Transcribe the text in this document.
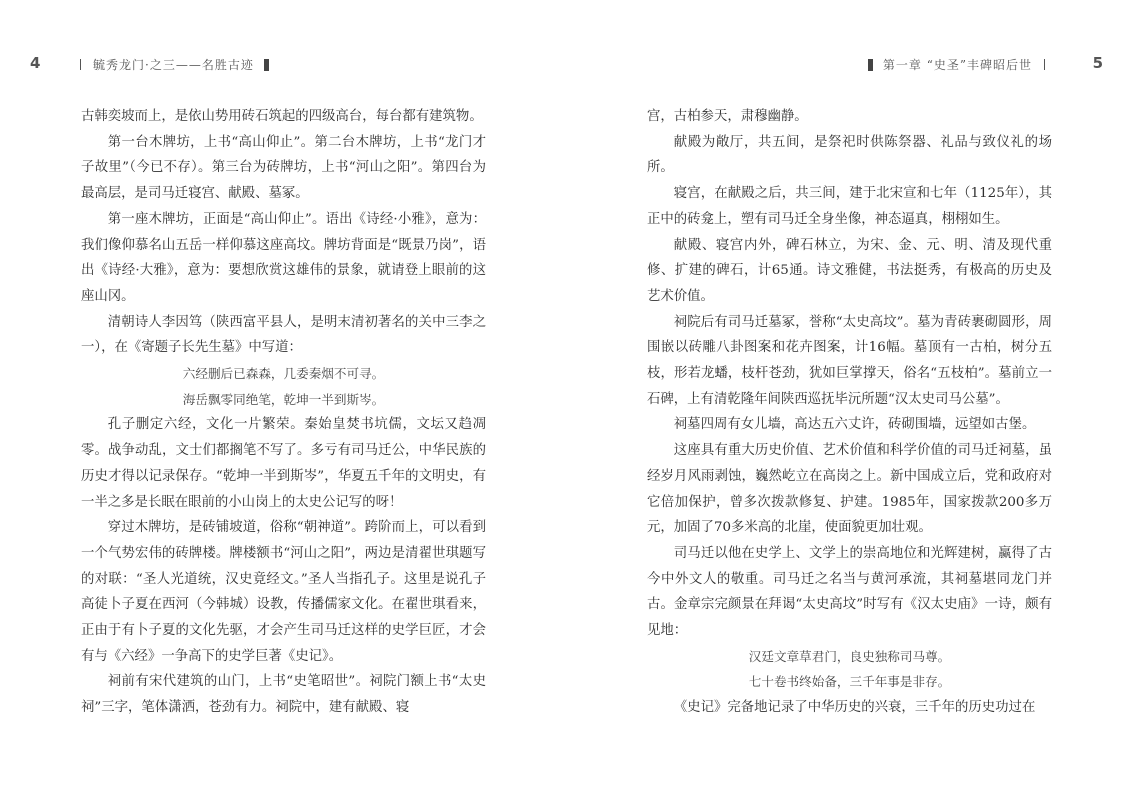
4	毓秀龙门·之三——名胜古迹

古韩奕坡而上，是依山势用砖石筑起的四级高台，每台都有建筑物。

第一台木牌坊，上书“高山仰止”。第二台木牌坊，上书“龙门才子故里”（今已不存）。第三台为砖牌坊，上书“河山之阳”。第四台为最高层，是司马迁寝宫、献殿、墓冢。

第一座木牌坊，正面是“高山仰止”。语出《诗经·小雅》，意为：我们像仰慕名山五岳一样仰慕这座高坟。牌坊背面是“既景乃岗”，语出《诗经·大雅》，意为：要想欣赏这雄伟的景象，就请登上眼前的这座山冈。

清朝诗人李因笃（陕西富平县人，是明末清初著名的关中三李之一），在《寄题子长先生墓》中写道：

六经删后已森森，几委秦烟不可寻。

海岳飘零同绝笔，乾坤一半到斯岑。

孔子删定六经，文化一片繁荣。秦始皇焚书坑儒，文坛又趋凋零。战争动乱，文士们都搁笔不写了。多亏有司马迁公，中华民族的历史才得以记录保存。“乾坤一半到斯岑”，华夏五千年的文明史，有一半之多是长眠在眼前的小山岗上的太史公记写的呀！

穿过木牌坊，是砖铺坡道，俗称“朝神道”。跨阶而上，可以看到一个气势宏伟的砖牌楼。牌楼额书“河山之阳”，两边是清翟世琪题写的对联：“圣人光道统，汉史竟经文。”圣人当指孔子。这里是说孔子高徒卜子夏在西河（今韩城）设教，传播儒家文化。在翟世琪看来，正由于有卜子夏的文化先驱，才会产生司马迁这样的史学巨匠，才会有与《六经》一争高下的史学巨著《史记》。

祠前有宋代建筑的山门，上书“史笔昭世”。祠院门额上书“太史祠”三字，笔体潇洒，苍劲有力。祠院中，建有献殿、寝

第一章 “史圣”丰碑昭后世	5

宫，古柏参天，肃穆幽静。

献殿为敞厅，共五间，是祭祀时供陈祭器、礼品与致仪礼的场所。

寝宫，在献殿之后，共三间，建于北宋宣和七年（1125年），其正中的砖龛上，塑有司马迁全身坐像，神态逼真，栩栩如生。

献殿、寝宫内外，碑石林立，为宋、金、元、明、清及现代重修、扩建的碑石，计65通。诗文雅健，书法挺秀，有极高的历史及艺术价值。

祠院后有司马迁墓冢，誉称“太史高坟”。墓为青砖裹砌圆形，周围嵌以砖雕八卦图案和花卉图案，计16幅。墓顶有一古柏，树分五枝，形若龙蟠，枝杆苍劲，犹如巨掌撑天，俗名“五枝柏”。墓前立一石碑，上有清乾隆年间陕西巡抚毕沅所题“汉太史司马公墓”。

祠墓四周有女儿墙，高达五六丈许，砖砌围墙，远望如古堡。

这座具有重大历史价值、艺术价值和科学价值的司马迁祠墓，虽经岁月风雨剥蚀，巍然屹立在高岗之上。新中国成立后，党和政府对它倍加保护，曾多次拨款修复、护建。1985年，国家拨款200多万元，加固了70多米高的北崖，使面貌更加壮观。

司马迁以他在史学上、文学上的崇高地位和光辉建树，赢得了古今中外文人的敬重。司马迁之名当与黄河承流，其祠墓堪同龙门并古。金章宗完颜景在拜谒“太史高坟”时写有《汉太史庙》一诗，颇有见地：

汉廷文章草君门，良史独称司马尊。

七十卷书终始备，三千年事是非存。

《史记》完备地记录了中华历史的兴衰，三千年的历史功过在
